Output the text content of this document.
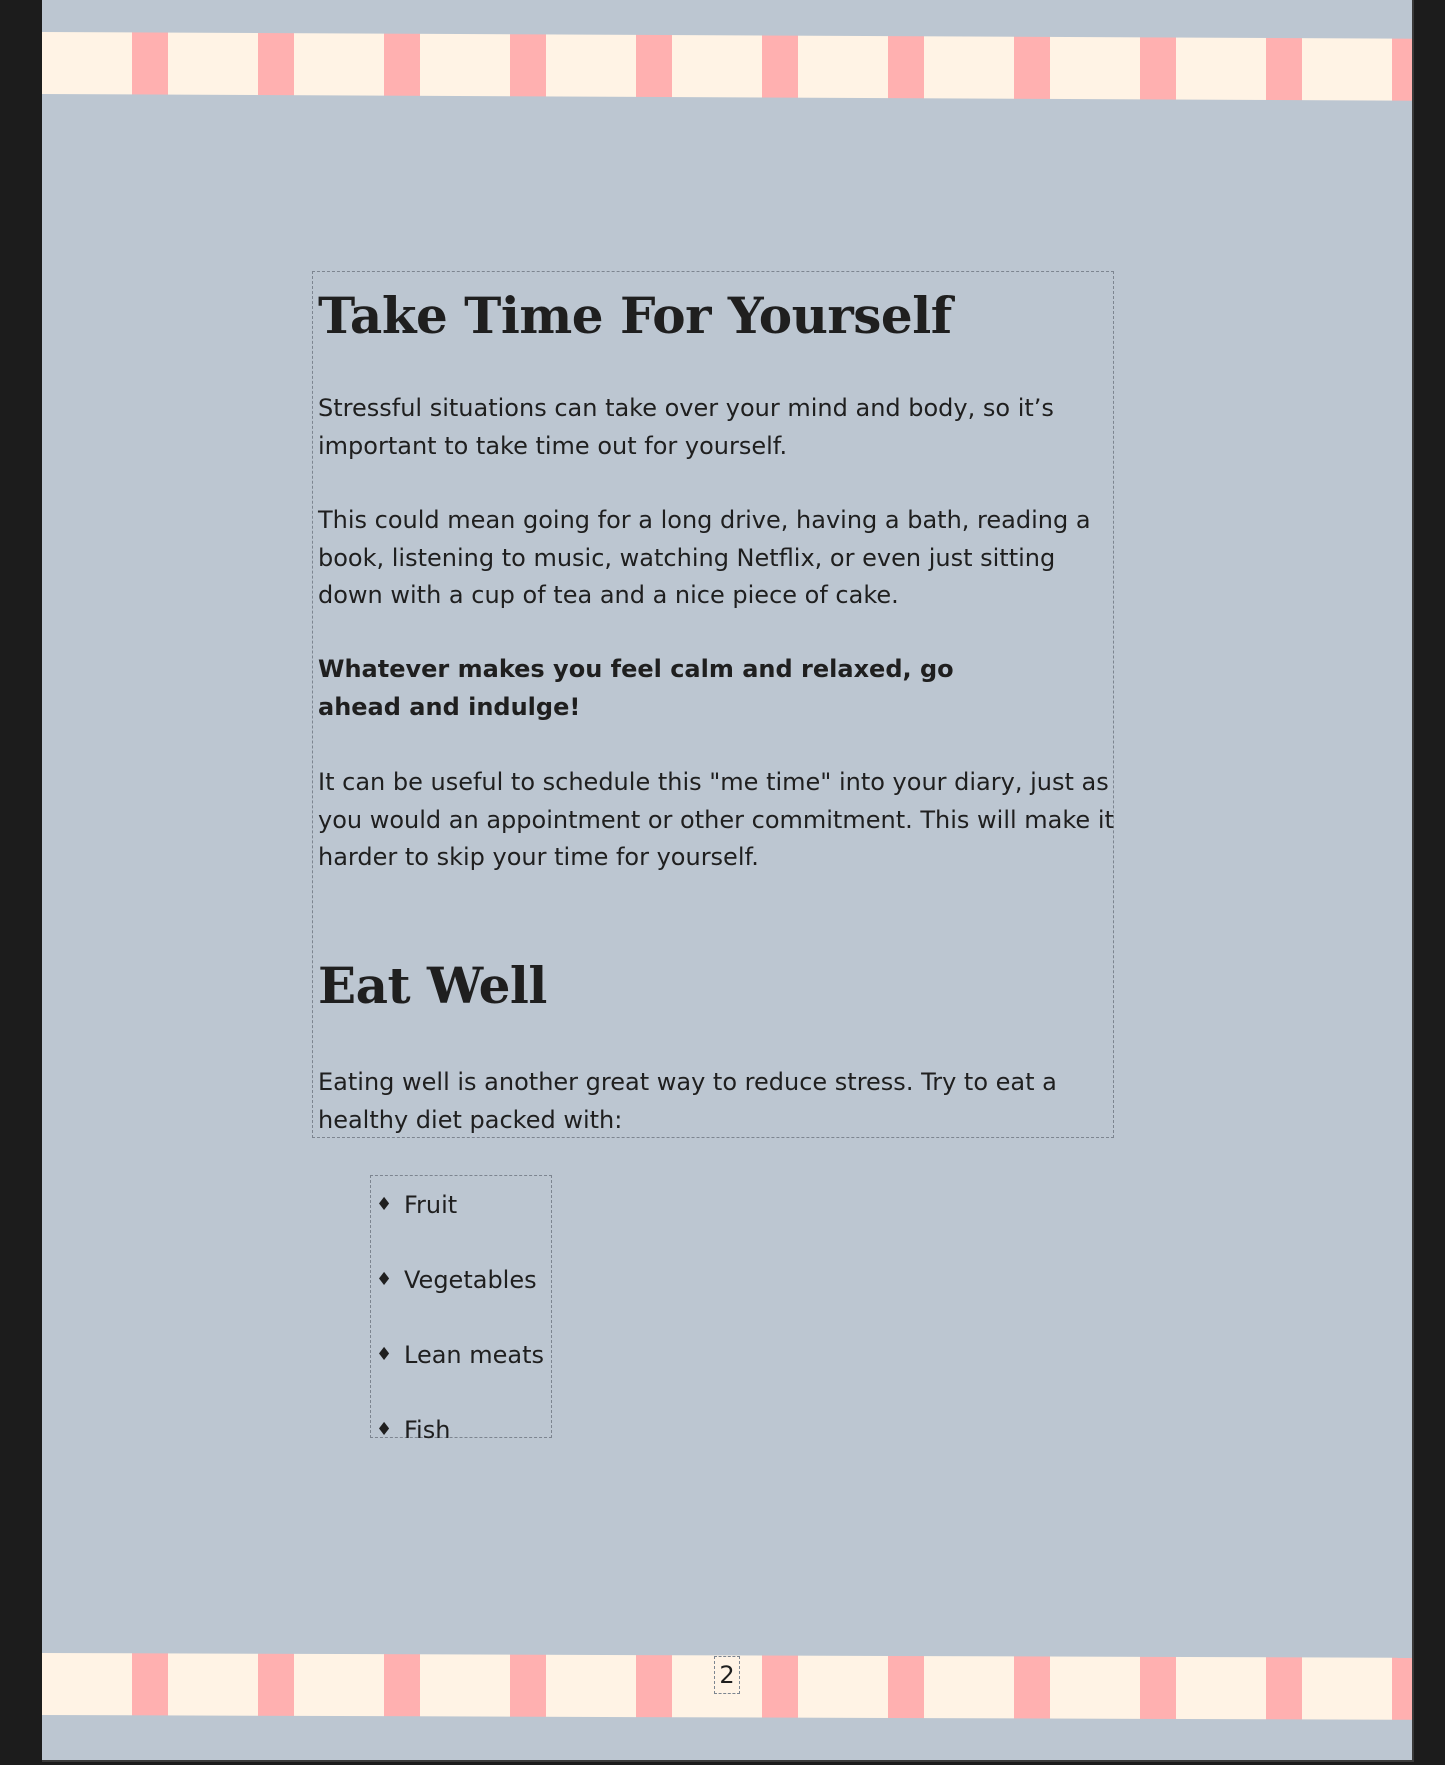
Take Time For Yourself

Stressful situations can take over your mind and body, so it’s important to take time out for yourself.

This could mean going for a long drive, having a bath, reading a book, listening to music, watching Netflix, or even just sitting down with a cup of tea and a nice piece of cake.

Whatever makes you feel calm and relaxed, go ahead and indulge!

It can be useful to schedule this "me time" into your diary, just as you would an appointment or other commitment. This will make it harder to skip your time for yourself.

Eat Well

Eating well is another great way to reduce stress. Try to eat a healthy diet packed with:

♦ Fruit
♦ Vegetables
♦ Lean meats
♦ Fish
2
